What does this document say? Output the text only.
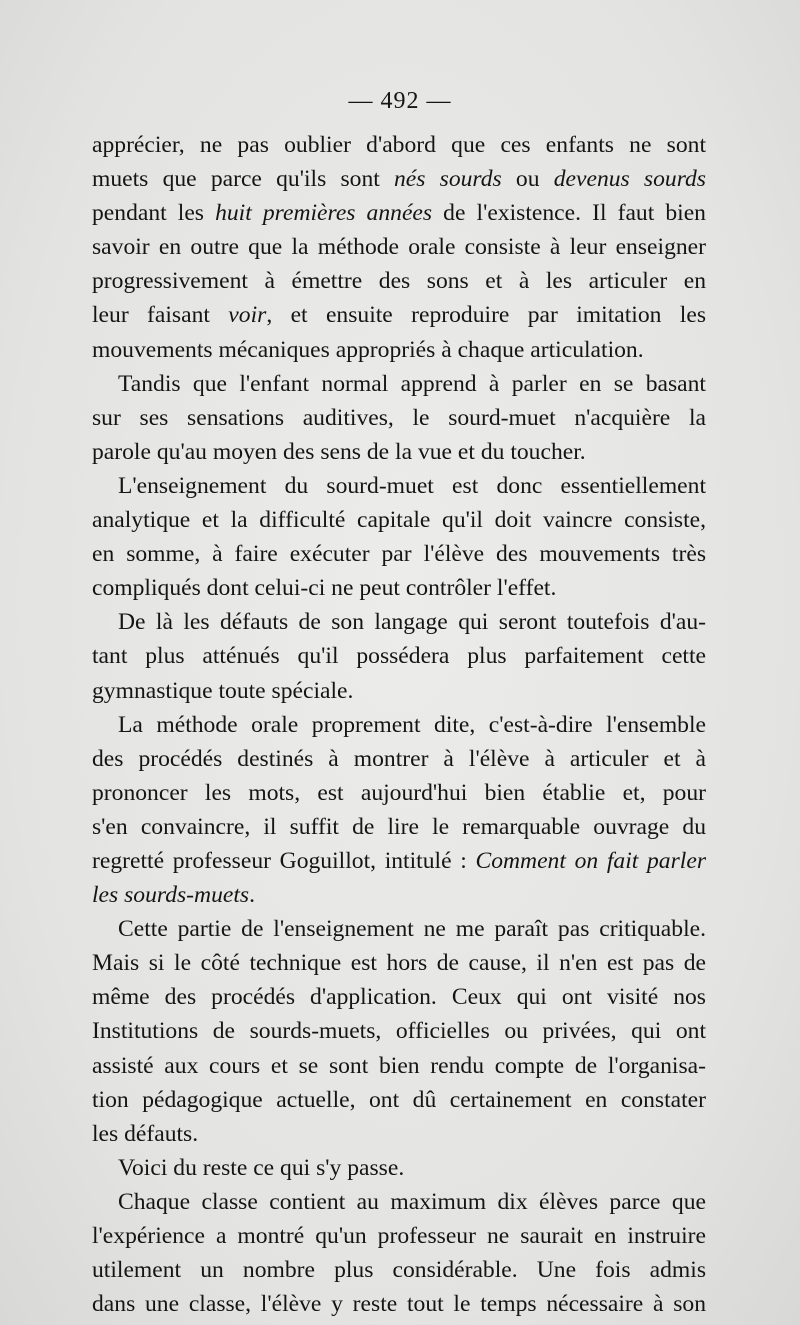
— 492 —
apprécier, ne pas oublier d'abord que ces enfants ne sont
muets que parce qu'ils sont nés sourds ou devenus sourds
pendant les huit premières années de l'existence. Il faut bien
savoir en outre que la méthode orale consiste à leur enseigner
progressivement à émettre des sons et à les articuler en
leur faisant voir, et ensuite reproduire par imitation les
mouvements mécaniques appropriés à chaque articulation.
Tandis que l'enfant normal apprend à parler en se basant
sur ses sensations auditives, le sourd-muet n'acquière la
parole qu'au moyen des sens de la vue et du toucher.
L'enseignement du sourd-muet est donc essentiellement
analytique et la difficulté capitale qu'il doit vaincre consiste,
en somme, à faire exécuter par l'élève des mouvements très
compliqués dont celui-ci ne peut contrôler l'effet.
De là les défauts de son langage qui seront toutefois d'au-
tant plus atténués qu'il possédera plus parfaitement cette
gymnastique toute spéciale.
La méthode orale proprement dite, c'est-à-dire l'ensemble
des procédés destinés à montrer à l'élève à articuler et à
prononcer les mots, est aujourd'hui bien établie et, pour
s'en convaincre, il suffit de lire le remarquable ouvrage du
regretté professeur Goguillot, intitulé : Comment on fait parler
les sourds-muets.
Cette partie de l'enseignement ne me paraît pas critiquable.
Mais si le côté technique est hors de cause, il n'en est pas de
même des procédés d'application. Ceux qui ont visité nos
Institutions de sourds-muets, officielles ou privées, qui ont
assisté aux cours et se sont bien rendu compte de l'organisa-
tion pédagogique actuelle, ont dû certainement en constater
les défauts.
Voici du reste ce qui s'y passe.
Chaque classe contient au maximum dix élèves parce que
l'expérience a montré qu'un professeur ne saurait en instruire
utilement un nombre plus considérable. Une fois admis
dans une classe, l'élève y reste tout le temps nécessaire à son
